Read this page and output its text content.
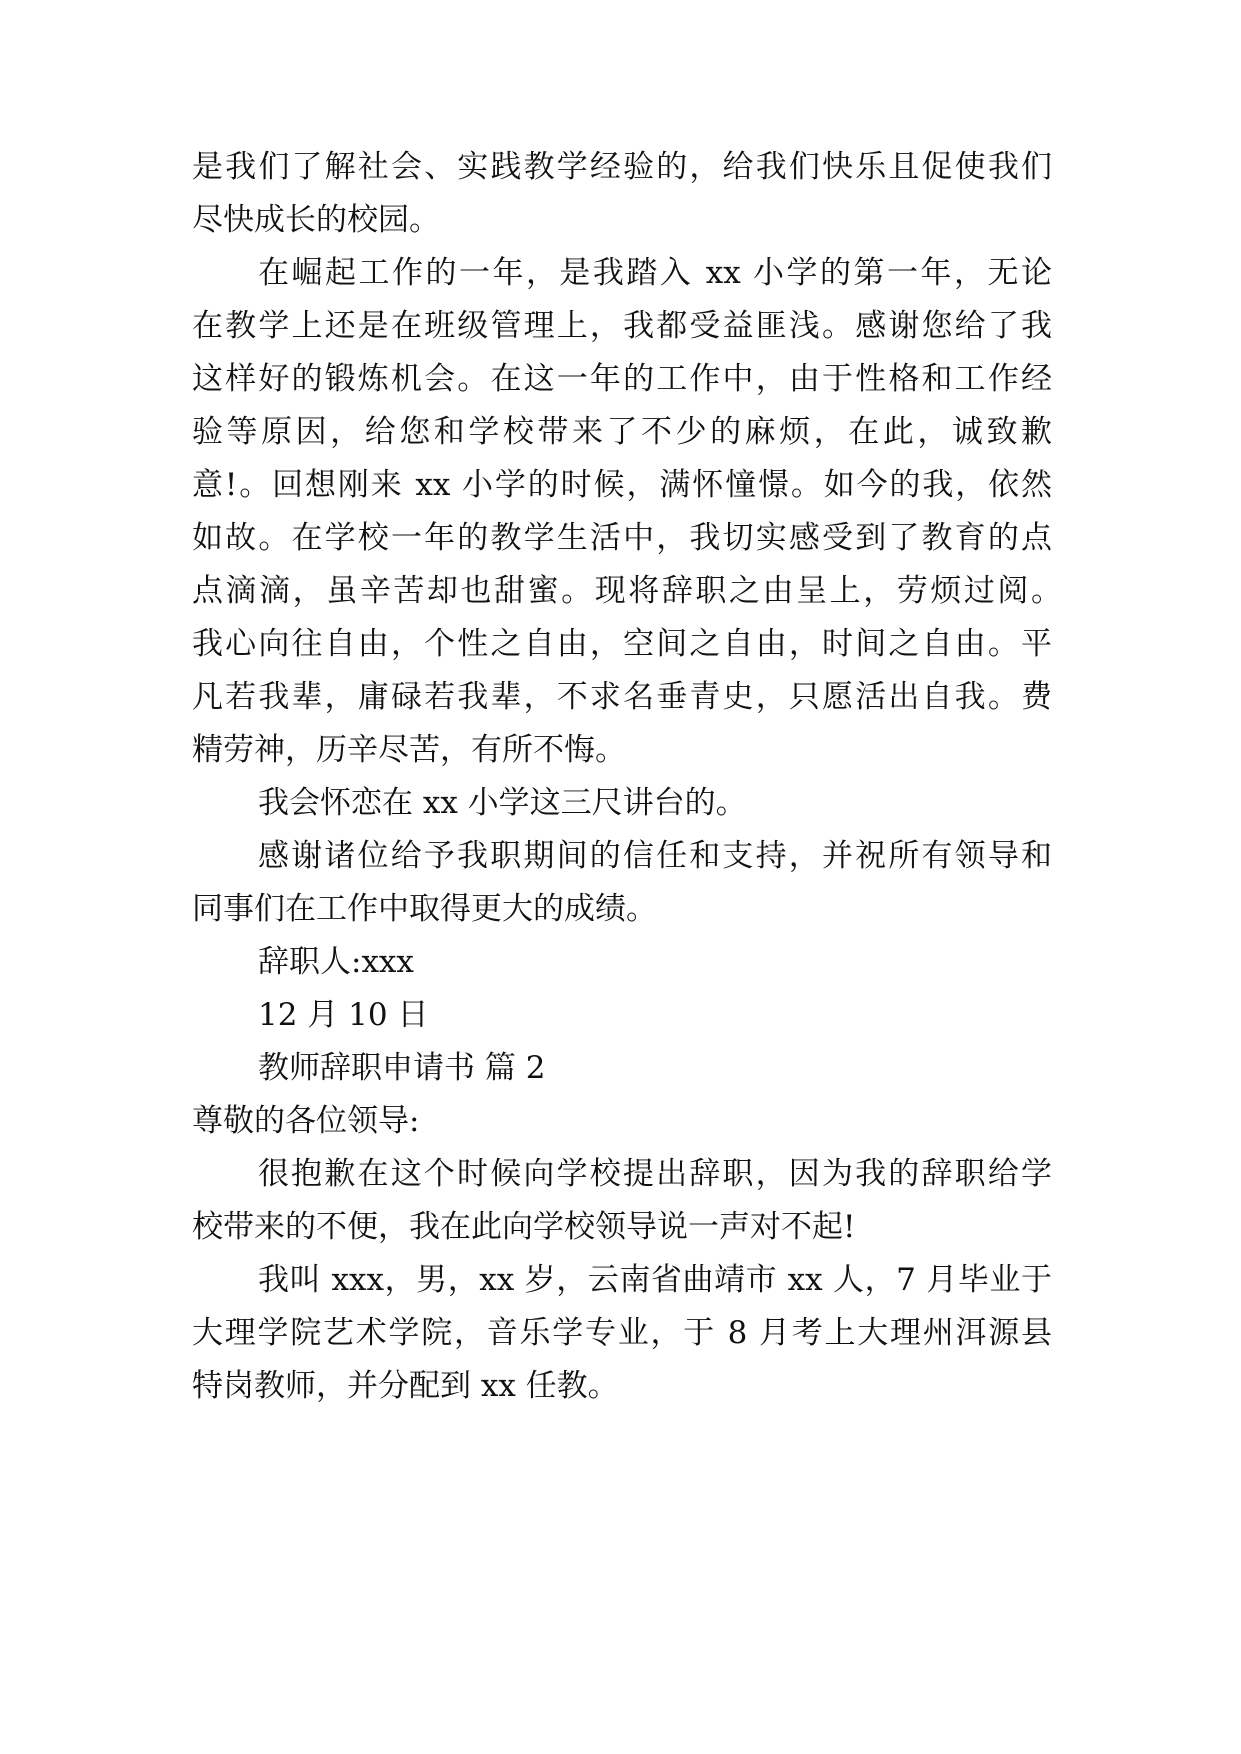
是我们了解社会、实践教学经验的，给我们快乐且促使我们
尽快成长的校园。
在崛起工作的一年，是我踏入 xx 小学的第一年，无论
在教学上还是在班级管理上，我都受益匪浅。感谢您给了我
这样好的锻炼机会。在这一年的工作中，由于性格和工作经
验等原因，给您和学校带来了不少的麻烦，在此，诚致歉
意!。回想刚来 xx 小学的时候，满怀憧憬。如今的我，依然
如故。在学校一年的教学生活中，我切实感受到了教育的点
点滴滴，虽辛苦却也甜蜜。现将辞职之由呈上，劳烦过阅。
我心向往自由，个性之自由，空间之自由，时间之自由。平
凡若我辈，庸碌若我辈，不求名垂青史，只愿活出自我。费
精劳神，历辛尽苦，有所不悔。
我会怀恋在 xx 小学这三尺讲台的。
感谢诸位给予我职期间的信任和支持，并祝所有领导和
同事们在工作中取得更大的成绩。
辞职人:xxx
12 月 10 日
教师辞职申请书 篇 2
尊敬的各位领导:
很抱歉在这个时候向学校提出辞职，因为我的辞职给学
校带来的不便，我在此向学校领导说一声对不起!
我叫 xxx，男，xx 岁，云南省曲靖市 xx 人，7 月毕业于
大理学院艺术学院，音乐学专业，于 8 月考上大理州洱源县
特岗教师，并分配到 xx 任教。
